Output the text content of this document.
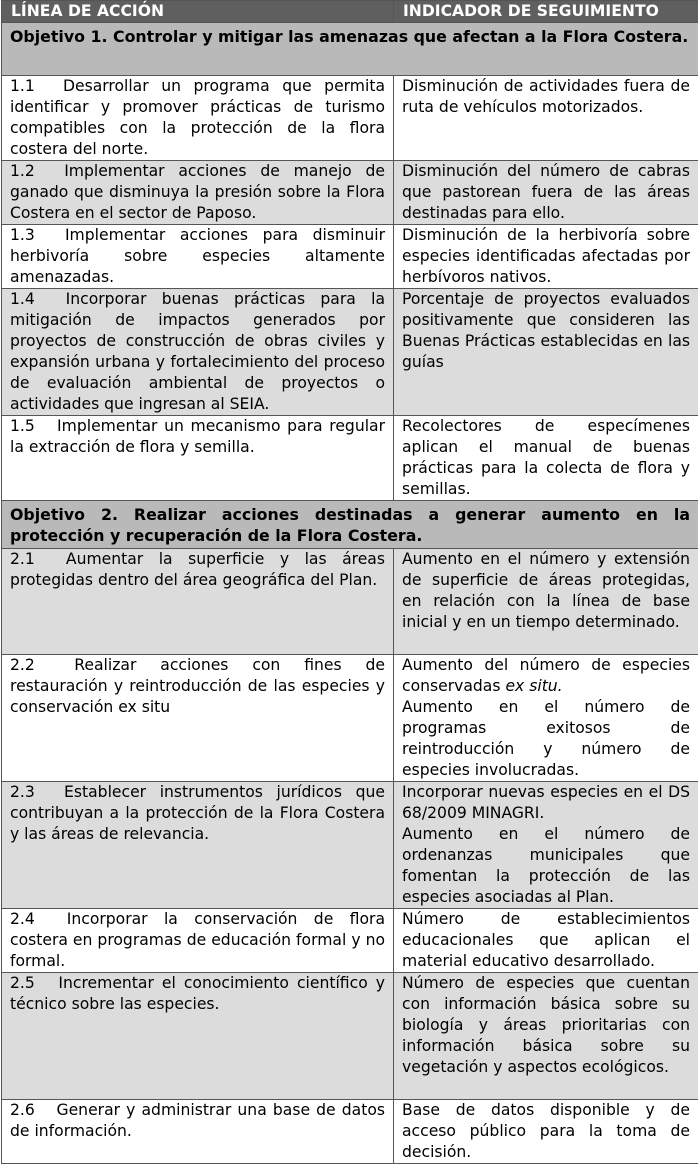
LÍNEA DE ACCIÓN	INDICADOR DE SEGUIMIENTO
Objetivo 1. Controlar y mitigar las amenazas que afectan a la Flora Costera.	
1.1  Desarrollar un programa que permita identificar y promover prácticas de turismo compatibles con la protección de la flora costera del norte.	Disminución de actividades fuera de ruta de vehículos motorizados.
1.2  Implementar acciones de manejo de ganado que disminuya la presión sobre la Flora Costera en el sector de Paposo.	Disminución del número de cabras que pastorean fuera de las áreas destinadas para ello.
1.3  Implementar acciones para disminuir herbivoría sobre especies altamente amenazadas.	Disminución de la herbivoría sobre especies identificadas afectadas por herbívoros nativos.
1.4  Incorporar buenas prácticas para la mitigación de impactos generados por proyectos de construcción de obras civiles y expansión urbana y fortalecimiento del proceso de evaluación ambiental de proyectos o actividades que ingresan al SEIA.	Porcentaje de proyectos evaluados positivamente que consideren las Buenas Prácticas establecidas en las guías
1.5  Implementar un mecanismo para regular la extracción de flora y semilla.	Recolectores de especímenes aplican el manual de buenas prácticas para la colecta de flora y semillas.
Objetivo 2. Realizar acciones destinadas a generar aumento en la protección y recuperación de la Flora Costera.	
2.1  Aumentar la superficie y las áreas protegidas dentro del área geográfica del Plan.	Aumento en el número y extensión de superficie de áreas protegidas, en relación con la línea de base inicial y en un tiempo determinado.
2.2  Realizar acciones con fines de restauración y reintroducción de las especies y conservación ex situ	Aumento del número de especies conservadas ex situ.
Aumento en el número de programas exitosos de reintroducción y número de especies involucradas.
2.3  Establecer instrumentos jurídicos que contribuyan a la protección de la Flora Costera y las áreas de relevancia.	Incorporar nuevas especies en el DS 68/2009 MINAGRI.
Aumento en el número de ordenanzas municipales que fomentan la protección de las especies asociadas al Plan.
2.4  Incorporar la conservación de flora costera en programas de educación formal y no formal.	Número de establecimientos educacionales que aplican el material educativo desarrollado.
2.5  Incrementar el conocimiento científico y técnico sobre las especies.	Número de especies que cuentan con información básica sobre su biología y áreas prioritarias con información básica sobre su vegetación y aspectos ecológicos.
2.6  Generar y administrar una base de datos de información.	Base de datos disponible y de acceso público para la toma de decisión.
